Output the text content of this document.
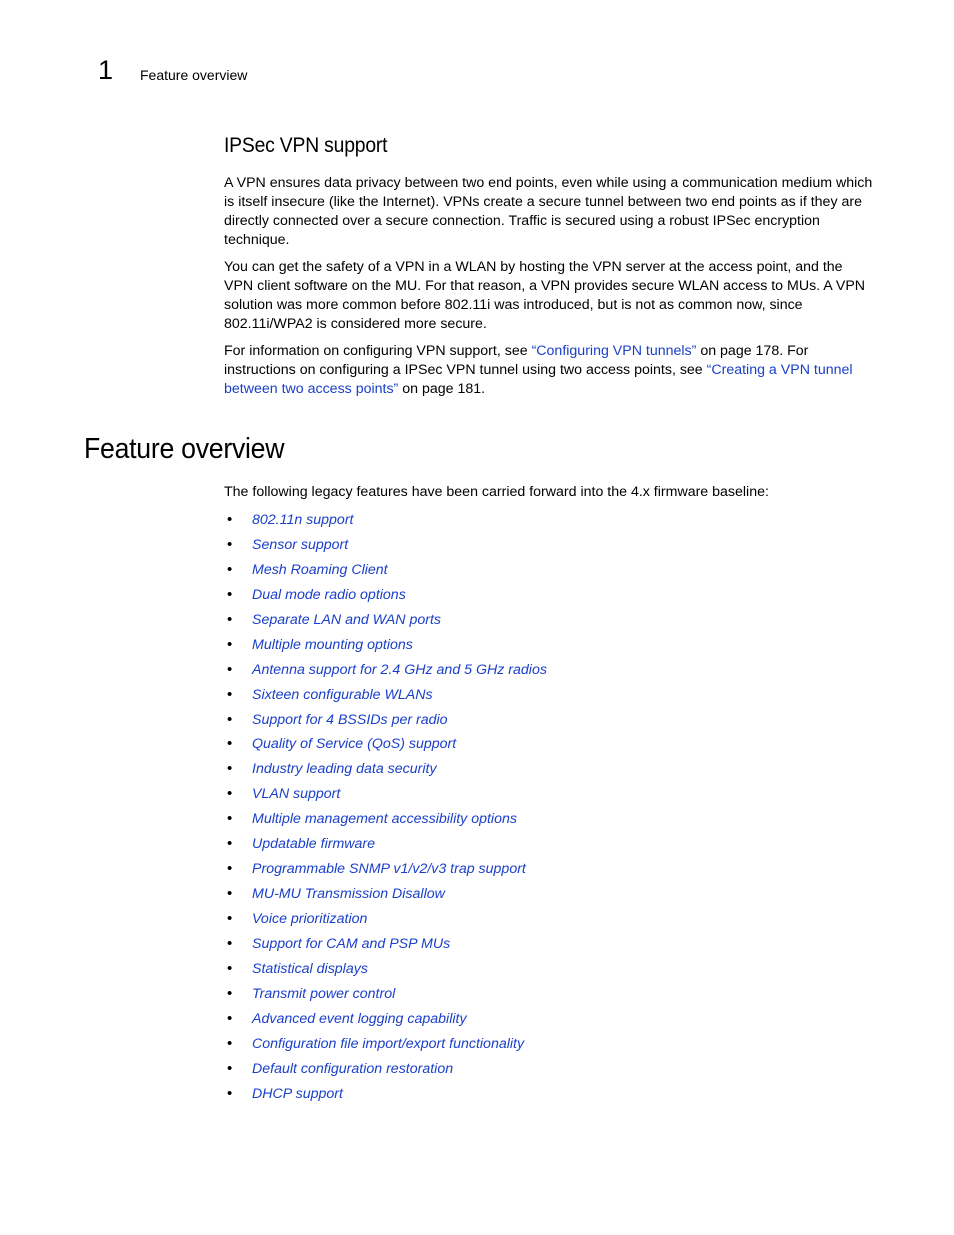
1 Feature overview
IPSec VPN support

A VPN ensures data privacy between two end points, even while using a communication medium which is itself insecure (like the Internet). VPNs create a secure tunnel between two end points as if they are directly connected over a secure connection. Traffic is secured using a robust IPSec encryption technique.

You can get the safety of a VPN in a WLAN by hosting the VPN server at the access point, and the VPN client software on the MU. For that reason, a VPN provides secure WLAN access to MUs. A VPN solution was more common before 802.11i was introduced, but is not as common now, since 802.11i/WPA2 is considered more secure.

For information on configuring VPN support, see “Configuring VPN tunnels” on page 178. For instructions on configuring a IPSec VPN tunnel using two access points, see “Creating a VPN tunnel between two access points” on page 181.

Feature overview

The following legacy features have been carried forward into the 4.x firmware baseline:

• 802.11n support
• Sensor support
• Mesh Roaming Client
• Dual mode radio options
• Separate LAN and WAN ports
• Multiple mounting options
• Antenna support for 2.4 GHz and 5 GHz radios
• Sixteen configurable WLANs
• Support for 4 BSSIDs per radio
• Quality of Service (QoS) support
• Industry leading data security
• VLAN support
• Multiple management accessibility options
• Updatable firmware
• Programmable SNMP v1/v2/v3 trap support
• MU-MU Transmission Disallow
• Voice prioritization
• Support for CAM and PSP MUs
• Statistical displays
• Transmit power control
• Advanced event logging capability
• Configuration file import/export functionality
• Default configuration restoration
• DHCP support
